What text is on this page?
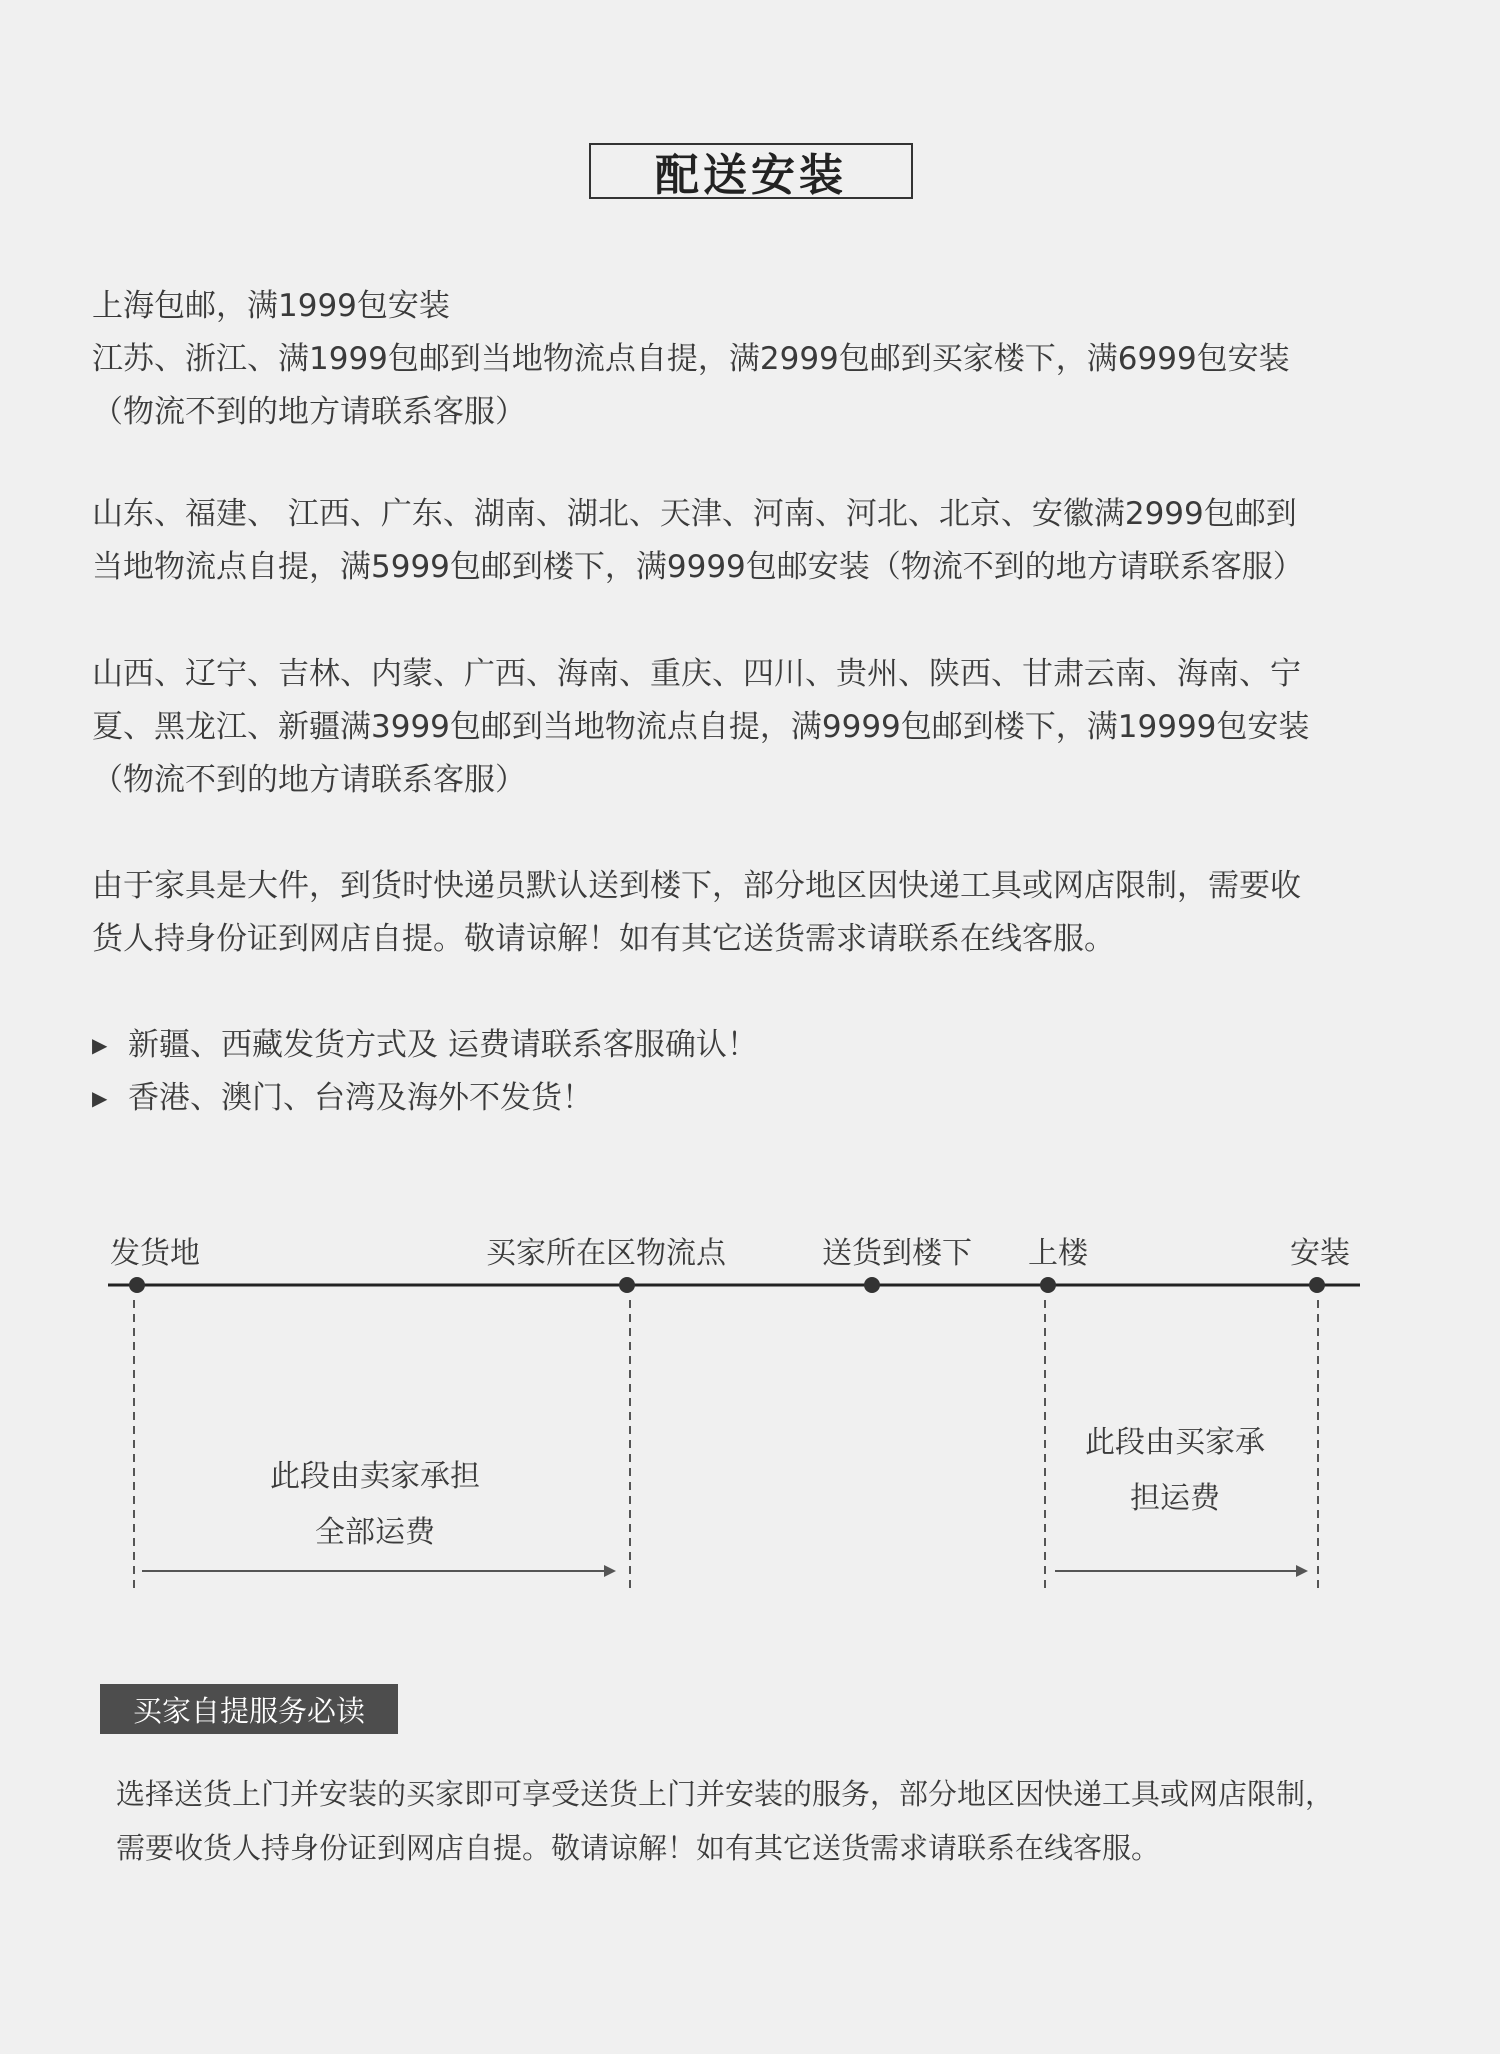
配送安装

上海包邮，满1999包安装
江苏、浙江、满1999包邮到当地物流点自提，满2999包邮到买家楼下，满6999包安装
（物流不到的地方请联系客服）

山东、福建、 江西、广东、湖南、湖北、天津、河南、河北、北京、安徽满2999包邮到
当地物流点自提，满5999包邮到楼下，满9999包邮安装（物流不到的地方请联系客服）

山西、辽宁、吉林、内蒙、广西、海南、重庆、四川、贵州、陕西、甘肃云南、海南、宁
夏、黑龙江、新疆满3999包邮到当地物流点自提，满9999包邮到楼下，满19999包安装
（物流不到的地方请联系客服）

由于家具是大件，到货时快递员默认送到楼下，部分地区因快递工具或网店限制，需要收
货人持身份证到网店自提。敬请谅解！如有其它送货需求请联系在线客服。

▶ 新疆、西藏发货方式及 运费请联系客服确认！
▶ 香港、澳门、台湾及海外不发货！
发货地	买家所在区物流点	送货到楼下 上楼	安装
此段由卖家承担
全部运费
此段由买家承
担运费
买家自提服务必读
选择送货上门并安装的买家即可享受送货上门并安装的服务，部分地区因快递工具或网店限制，
需要收货人持身份证到网店自提。敬请谅解！如有其它送货需求请联系在线客服。
